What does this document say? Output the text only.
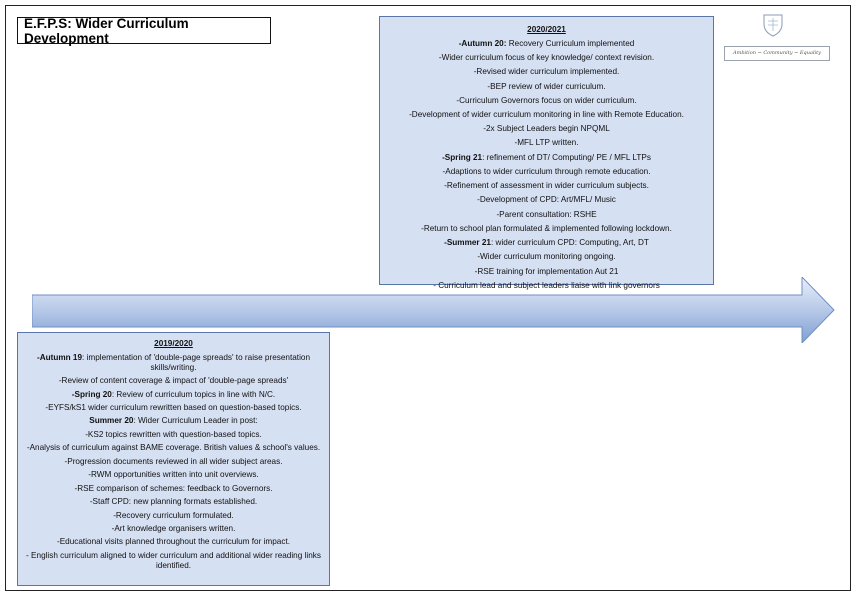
E.F.P.S: Wider Curriculum Development
2020/2021
-Autumn 20: Recovery Curriculum implemented
-Wider curriculum focus of key knowledge/ context revision.
-Revised wider curriculum implemented.
-BEP review of wider curriculum.
-Curriculum Governors focus on wider curriculum.
-Development of wider curriculum monitoring in line with Remote Education.
-2x Subject Leaders begin NPQML
-MFL LTP written.
-Spring 21: refinement of DT/ Computing/ PE / MFL LTPs
-Adaptions to wider curriculum through remote education.
-Refinement of assessment in wider curriculum subjects.
-Development of CPD: Art/MFL/ Music
-Parent consultation: RSHE
-Return to school plan formulated & implemented following lockdown.
-Summer 21: wider curriculum CPD: Computing, Art, DT
-Wider curriculum monitoring ongoing.
-RSE training for implementation Aut 21
- Curriculum lead and subject leaders liaise with link governors
2019/2020
-Autumn 19: implementation of 'double-page spreads' to raise presentation skills/writing.
-Review of content coverage & impact of 'double-page spreads'
-Spring 20: Review of curriculum topics in line with N/C.
-EYFS/kS1 wider curriculum rewritten based on question-based topics.
Summer 20: Wider Curriculum Leader in post:
-KS2 topics rewritten with question-based topics.
-Analysis of curriculum against BAME coverage. British values & school's values.
-Progression documents reviewed in all wider subject areas.
-RWM opportunities written into unit overviews.
-RSE comparison of schemes: feedback to Governors.
-Staff CPD: new planning formats established.
-Recovery curriculum formulated.
-Art knowledge organisers written.
-Educational visits planned throughout the curriculum for impact.
- English curriculum aligned to wider curriculum and additional wider reading links identified.
Ambition ~ Community ~ Equality
